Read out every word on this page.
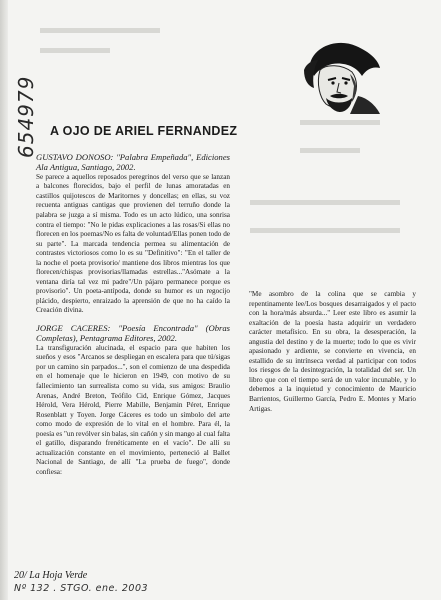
654979 A OJO DE ARIEL FERNANDEZ

GUSTAVO DONOSO: "Palabra Empeñada", Ediciones Ala Antigua, Santiago, 2002.

Se parece a aquellos reposados peregrinos del verso que se lanzan a balcones florecidos, bajo el perfil de lunas amoratadas en castillos quijotescos de Maritornes y doncellas; en ellas, su voz recuenta antiguas cantigas que provienen del terruño donde la palabra se juzga a sí misma. Todo es un acto lúdico, una sonrisa contra el tiempo: "No le pidas explicaciones a las rosas/Si ellas no florecen en los poemas/No es falta de voluntad/Ellas ponen todo de su parte". La marcada tendencia permea su alimentación de contrastes victoriosos como lo es su "Definitivo": "En el taller de la noche el poeta provisorio/ mantiene dos libros mientras los que florecen/chispas provisorias/llamadas estrellas..."Asómate a la ventana diría tal vez mi padre"/Un pájaro permanece porque es provisorio". Un poeta-antípoda, donde su humor es un regocijo plácido, despierto, enraizado la aprensión de que no ha caído la Creación divina.

JORGE CACERES: "Poesía Encontrada" (Obras Completas), Pentagrama Editores, 2002.

La transfiguración alucinada, el espacio para que habiten los sueños y esos "Arcanos se despliegan en escalera para que tú/sigas por un camino sin parpados...", son el comienzo de una despedida en el homenaje que le hicieron en 1949, con motivo de su fallecimiento tan surrealista como su vida, sus amigos: Braulio Arenas, André Breton, Teófilo Cid, Enrique Gómez, Jacques Hérold, Vera Hérold, Pierre Mabille, Benjamin Péret, Enrique Rosenblatt y Toyen. Jorge Cáceres es todo un símbolo del arte como modo de expresión de lo vital en el hombre. Para él, la poesía es "un revólver sin balas, sin cañón y sin mango al cual falta el gatillo, disparando frenéticamente en el vacío". De allí su actualización constante en el movimiento, perteneció al Ballet Nacional de Santiago, de allí "La prueba de fuego", donde confiesa:

"Me asombro de la colina que se cambia y repentinamente lee/Los bosques desarraigados y el pacto con la hora/más absurda..." Leer este libro es asumir la exaltación de la poesía hasta adquirir un verdadero carácter metafísico. En su obra, la desesperación, la angustia del destino y de la muerte; todo lo que es vivir apasionado y ardiente, se convierte en vivencia, en estallido de su intrínseca verdad al participar con todos los riesgos de la desintegración, la totalidad del ser. Un libro que con el tiempo será de un valor incunable, y lo debemos a la inquietud y conocimiento de Mauricio Barrientos, Guillermo García, Pedro E. Montes y Mario Artigas.

20/ La Hoja Verde
Nº 132 . STGO. ene. 2003
